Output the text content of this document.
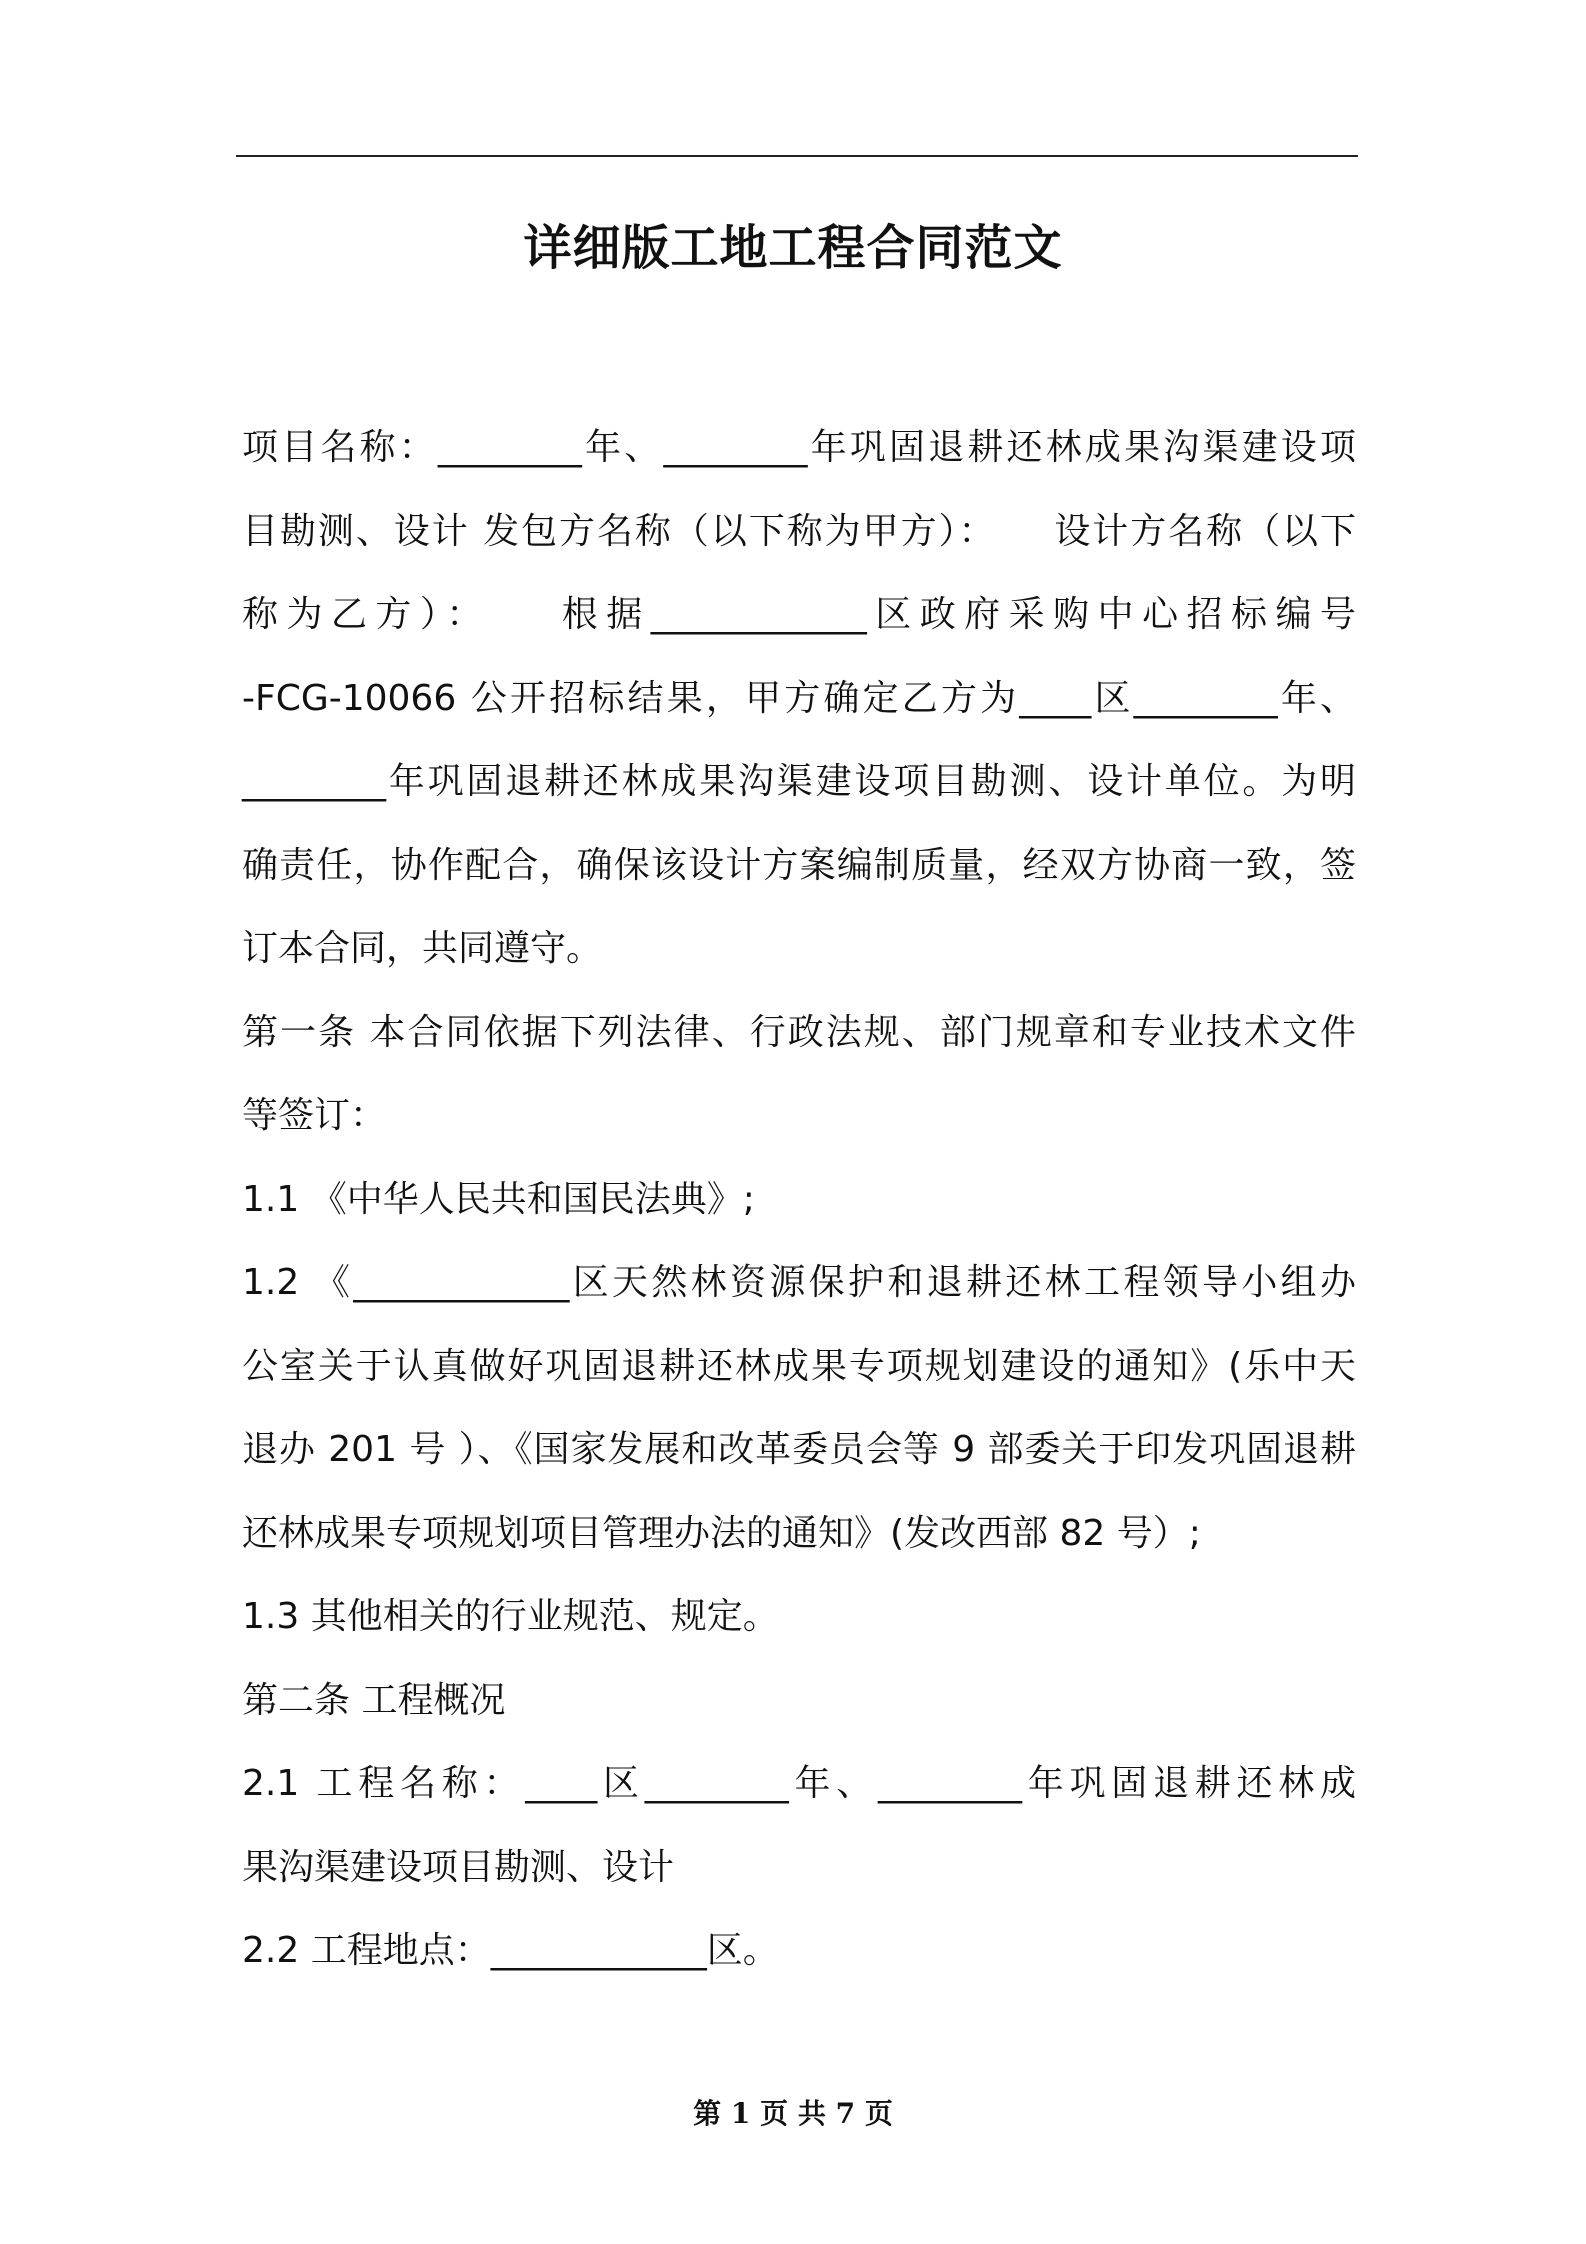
详细版工地工程合同范文
项目名称：________年、________年巩固退耕还林成果沟渠建设项
目勘测、设计 发包方名称（以下称为甲方）：　　设计方名称（以下
称为乙方）：　　根据____________区政府采购中心招标编号
-FCG-10066 公开招标结果，甲方确定乙方为____区________年、
________年巩固退耕还林成果沟渠建设项目勘测、设计单位。为明
确责任，协作配合，确保该设计方案编制质量，经双方协商一致，签
订本合同，共同遵守。
第一条 本合同依据下列法律、行政法规、部门规章和专业技术文件
等签订：
1.1 《中华人民共和国民法典》;
1.2 《____________区天然林资源保护和退耕还林工程领导小组办
公室关于认真做好巩固退耕还林成果专项规划建设的通知》(乐中天
退办 201 号 ）、《国家发展和改革委员会等 9 部委关于印发巩固退耕
还林成果专项规划项目管理办法的通知》(发改西部 82 号）;
1.3 其他相关的行业规范、规定。
第二条 工程概况
2.1 工程名称：____区________年、________年巩固退耕还林成
果沟渠建设项目勘测、设计
2.2 工程地点：____________区。
第 1 页 共 7 页
